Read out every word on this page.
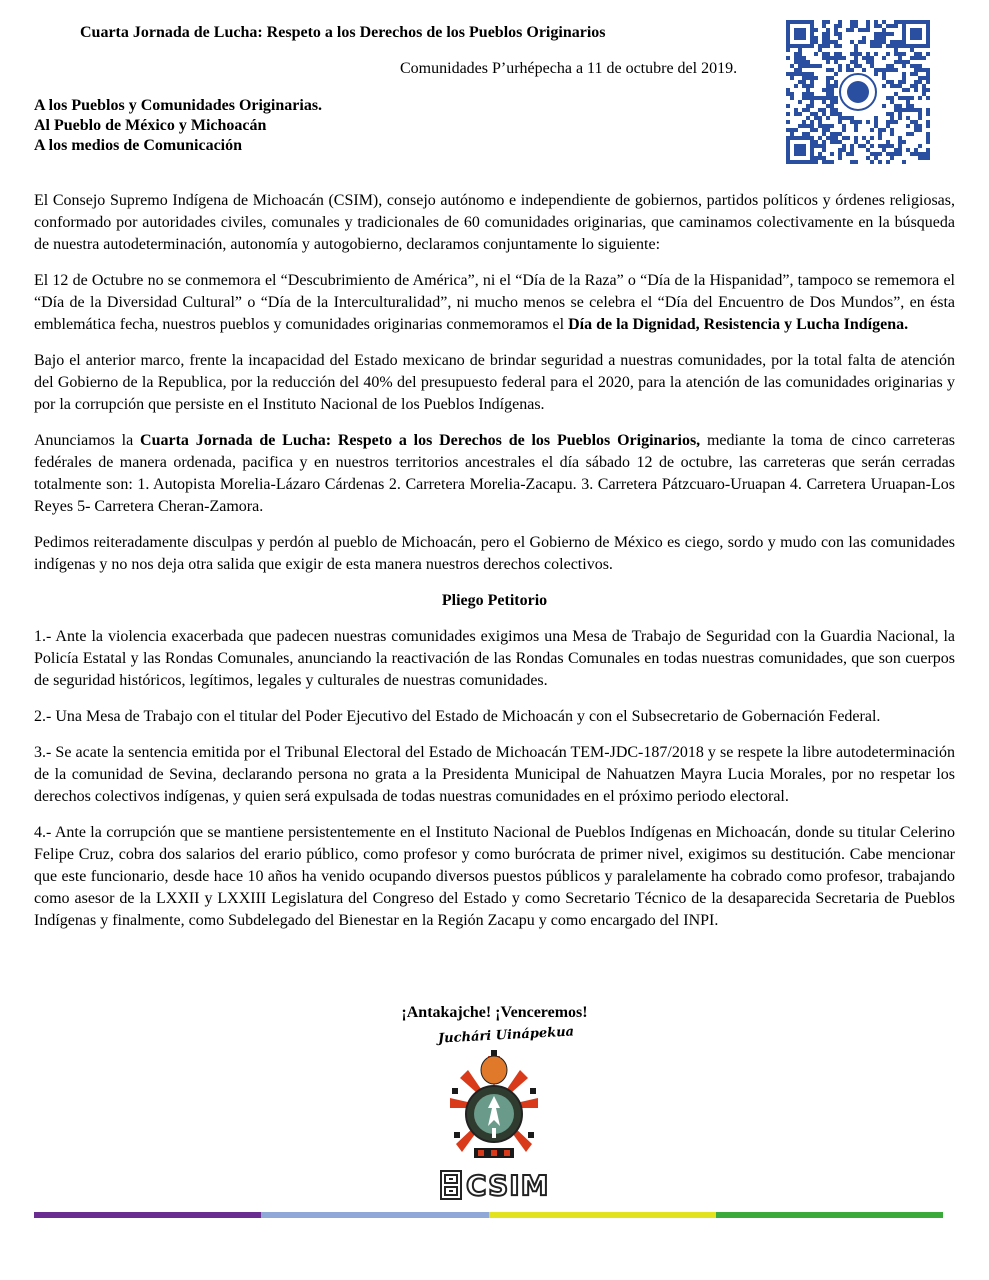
Cuarta Jornada de Lucha: Respeto a los Derechos de los Pueblos Originarios
Comunidades P’urhépecha a 11 de octubre del 2019.
A los Pueblos y Comunidades Originarias.
Al Pueblo de México y Michoacán
A los medios de Comunicación

El Consejo Supremo Indígena de Michoacán (CSIM), consejo autónomo e independiente de gobiernos, partidos políticos y órdenes religiosas, conformado por autoridades civiles, comunales y tradicionales de 60 comunidades originarias, que caminamos colectivamente en la búsqueda de nuestra autodeterminación, autonomía y autogobierno, declaramos conjuntamente lo siguiente:

El 12 de Octubre no se conmemora el “Descubrimiento de América”, ni el “Día de la Raza” o “Día de la Hispanidad”, tampoco se rememora el “Día de la Diversidad Cultural” o “Día de la Interculturalidad”, ni mucho menos se celebra el “Día del Encuentro de Dos Mundos”, en ésta emblemática fecha, nuestros pueblos y comunidades originarias conmemoramos el Día de la Dignidad, Resistencia y Lucha Indígena.

Bajo el anterior marco, frente la incapacidad del Estado mexicano de brindar seguridad a nuestras comunidades, por la total falta de atención del Gobierno de la Republica, por la reducción del 40% del presupuesto federal para el 2020, para la atención de las comunidades originarias y por la corrupción que persiste en el Instituto Nacional de los Pueblos Indígenas.

Anunciamos la Cuarta Jornada de Lucha: Respeto a los Derechos de los Pueblos Originarios, mediante la toma de cinco carreteras fedérales de manera ordenada, pacifica y en nuestros territorios ancestrales el día sábado 12 de octubre, las carreteras que serán cerradas totalmente son: 1. Autopista Morelia-Lázaro Cárdenas 2. Carretera Morelia-Zacapu. 3. Carretera Pátzcuaro-Uruapan 4. Carretera Uruapan-Los Reyes 5- Carretera Cheran-Zamora.

Pedimos reiteradamente disculpas y perdón al pueblo de Michoacán, pero el Gobierno de México es ciego, sordo y mudo con las comunidades indígenas y no nos deja otra salida que exigir de esta manera nuestros derechos colectivos.

Pliego Petitorio

1.- Ante la violencia exacerbada que padecen nuestras comunidades exigimos una Mesa de Trabajo de Seguridad con la Guardia Nacional, la Policía Estatal y las Rondas Comunales, anunciando la reactivación de las Rondas Comunales en todas nuestras comunidades, que son cuerpos de seguridad históricos, legítimos, legales y culturales de nuestras comunidades.

2.- Una Mesa de Trabajo con el titular del Poder Ejecutivo del Estado de Michoacán y con el Subsecretario de Gobernación Federal.

3.- Se acate la sentencia emitida por el Tribunal Electoral del Estado de Michoacán TEM-JDC-187/2018 y se respete la libre autodeterminación de la comunidad de Sevina, declarando persona no grata a la Presidenta Municipal de Nahuatzen Mayra Lucia Morales, por no respetar los derechos colectivos indígenas, y quien será expulsada de todas nuestras comunidades en el próximo periodo electoral.

4.- Ante la corrupción que se mantiene persistentemente en el Instituto Nacional de Pueblos Indígenas en Michoacán, donde su titular Celerino Felipe Cruz, cobra dos salarios del erario público, como profesor y como burócrata de primer nivel, exigimos su destitución. Cabe mencionar que este funcionario, desde hace 10 años ha venido ocupando diversos puestos públicos y paralelamente ha cobrado como profesor, trabajando como asesor de la LXXII y LXXIII Legislatura del Congreso del Estado y como Secretario Técnico de la desaparecida Secretaria de Pueblos Indígenas y finalmente, como Subdelegado del Bienestar en la Región Zacapu y como encargado del INPI.

¡Antakajche! ¡Venceremos!
Juchári Uinápekua
CSIM
